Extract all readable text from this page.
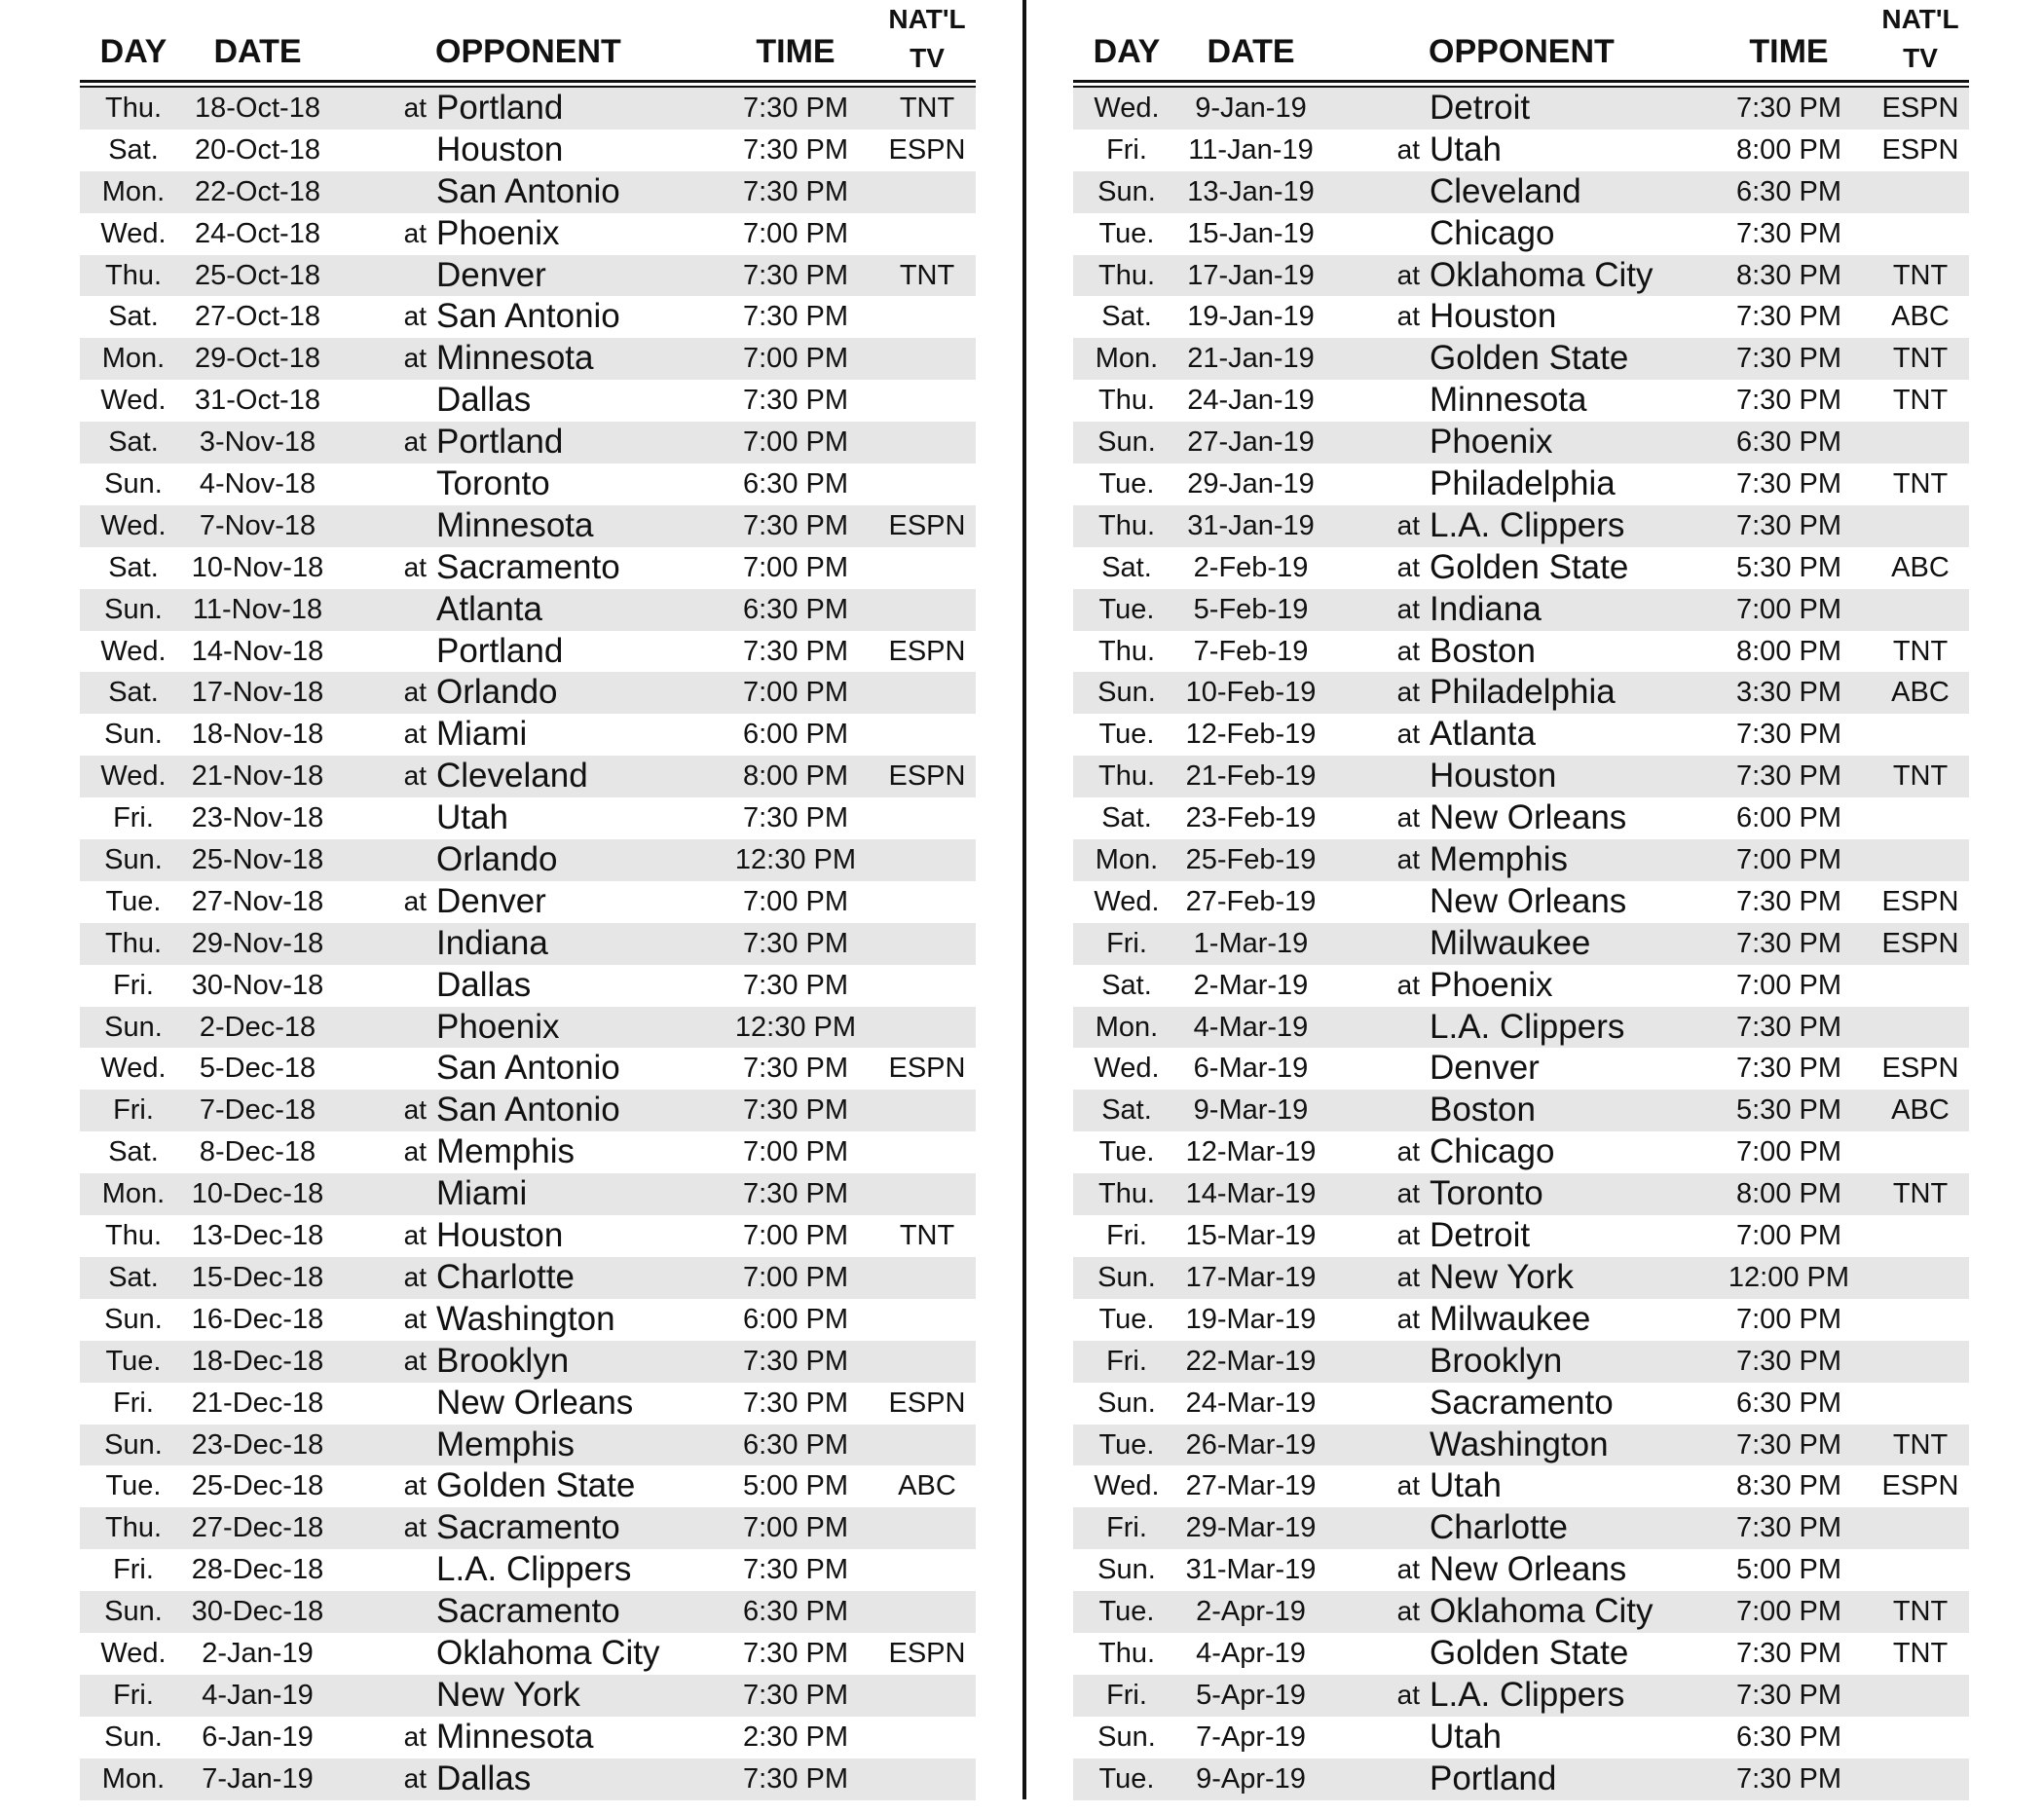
DAY	DATE	OPPONENT	TIME
NAT'L
TV
Thu.	18-Oct-18	at Portland	7:30 PM	TNT
Sat.	20-Oct-18	Houston	7:30 PM	ESPN
Mon.	22-Oct-18	San Antonio	7:30 PM
Wed.	24-Oct-18	at Phoenix	7:00 PM
Thu.	25-Oct-18	Denver	7:30 PM	TNT
Sat.	27-Oct-18	at San Antonio	7:30 PM
Mon.	29-Oct-18	at Minnesota	7:00 PM
Wed.	31-Oct-18	Dallas	7:30 PM
Sat.	3-Nov-18	at Portland	7:00 PM
Sun.	4-Nov-18	Toronto	6:30 PM
Wed.	7-Nov-18	Minnesota	7:30 PM	ESPN
Sat.	10-Nov-18	at Sacramento	7:00 PM
Sun.	11-Nov-18	Atlanta	6:30 PM
Wed. 14-Nov-18	Portland	7:30 PM	ESPN
Sat.	17-Nov-18	at Orlando	7:00 PM
Sun.	18-Nov-18	at Miami	6:00 PM
Wed. 21-Nov-18	at Cleveland	8:00 PM	ESPN
Fri.	23-Nov-18	Utah	7:30 PM
Sun.	25-Nov-18	Orlando	12:30 PM
Tue.	27-Nov-18	at Denver	7:00 PM
Thu.	29-Nov-18	Indiana	7:30 PM
Fri.	30-Nov-18	Dallas	7:30 PM
Sun.	2-Dec-18	Phoenix	12:30 PM
Wed.	5-Dec-18	San Antonio	7:30 PM	ESPN
Fri.	7-Dec-18	at San Antonio	7:30 PM
Sat.	8-Dec-18	at Memphis	7:00 PM
Mon. 10-Dec-18	Miami	7:30 PM
Thu.	13-Dec-18	at Houston	7:00 PM	TNT
Sat.	15-Dec-18	at Charlotte	7:00 PM
Sun.	16-Dec-18	at Washington	6:00 PM
Tue.	18-Dec-18	at Brooklyn	7:30 PM
Fri.	21-Dec-18	New Orleans	7:30 PM	ESPN
Sun.	23-Dec-18	Memphis	6:30 PM
Tue.	25-Dec-18	at Golden State	5:00 PM	ABC
Thu.	27-Dec-18	at Sacramento	7:00 PM
Fri.	28-Dec-18	L.A. Clippers	7:30 PM
Sun.	30-Dec-18	Sacramento	6:30 PM
Wed.	2-Jan-19	Oklahoma City	7:30 PM	ESPN
Fri.	4-Jan-19	New York	7:30 PM
Sun.	6-Jan-19	at Minnesota	2:30 PM
Mon.	7-Jan-19	at Dallas	7:30 PM
DAY	DATE	OPPONENT	TIME
NAT'L
TV
Wed.	9-Jan-19	Detroit	7:30 PM	ESPN
Fri.	11-Jan-19	at Utah	8:00 PM	ESPN
Sun.	13-Jan-19	Cleveland	6:30 PM
Tue.	15-Jan-19	Chicago	7:30 PM
Thu.	17-Jan-19	at Oklahoma City	8:30 PM	TNT
Sat.	19-Jan-19	at Houston	7:30 PM	ABC
Mon.	21-Jan-19	Golden State	7:30 PM	TNT
Thu.	24-Jan-19	Minnesota	7:30 PM	TNT
Sun.	27-Jan-19	Phoenix	6:30 PM
Tue.	29-Jan-19	Philadelphia	7:30 PM	TNT
Thu.	31-Jan-19	at L.A. Clippers	7:30 PM
Sat.	2-Feb-19	at Golden State	5:30 PM	ABC
Tue.	5-Feb-19	at Indiana	7:00 PM
Thu.	7-Feb-19	at Boston	8:00 PM	TNT
Sun.	10-Feb-19	at Philadelphia	3:30 PM	ABC
Tue.	12-Feb-19	at Atlanta	7:30 PM
Thu.	21-Feb-19	Houston	7:30 PM	TNT
Sat.	23-Feb-19	at New Orleans	6:00 PM
Mon. 25-Feb-19	at Memphis	7:00 PM
Wed. 27-Feb-19	New Orleans	7:30 PM	ESPN
Fri.	1-Mar-19	Milwaukee	7:30 PM	ESPN
Sat.	2-Mar-19	at Phoenix	7:00 PM
Mon.	4-Mar-19	L.A. Clippers	7:30 PM
Wed.	6-Mar-19	Denver	7:30 PM	ESPN
Sat.	9-Mar-19	Boston	5:30 PM	ABC
Tue.	12-Mar-19	at Chicago	7:00 PM
Thu.	14-Mar-19	at Toronto	8:00 PM	TNT
Fri.	15-Mar-19	at Detroit	7:00 PM
Sun.	17-Mar-19	at New York	12:00 PM
Tue.	19-Mar-19	at Milwaukee	7:00 PM
Fri.	22-Mar-19	Brooklyn	7:30 PM
Sun.	24-Mar-19	Sacramento	6:30 PM
Tue.	26-Mar-19	Washington	7:30 PM	TNT
Wed. 27-Mar-19	at Utah	8:30 PM	ESPN
Fri.	29-Mar-19	Charlotte	7:30 PM
Sun.	31-Mar-19	at New Orleans	5:00 PM
Tue.	2-Apr-19	at Oklahoma City	7:00 PM	TNT
Thu.	4-Apr-19	Golden State	7:30 PM	TNT
Fri.	5-Apr-19	at L.A. Clippers	7:30 PM
Sun.	7-Apr-19	Utah	6:30 PM
Tue.	9-Apr-19	Portland	7:30 PM
